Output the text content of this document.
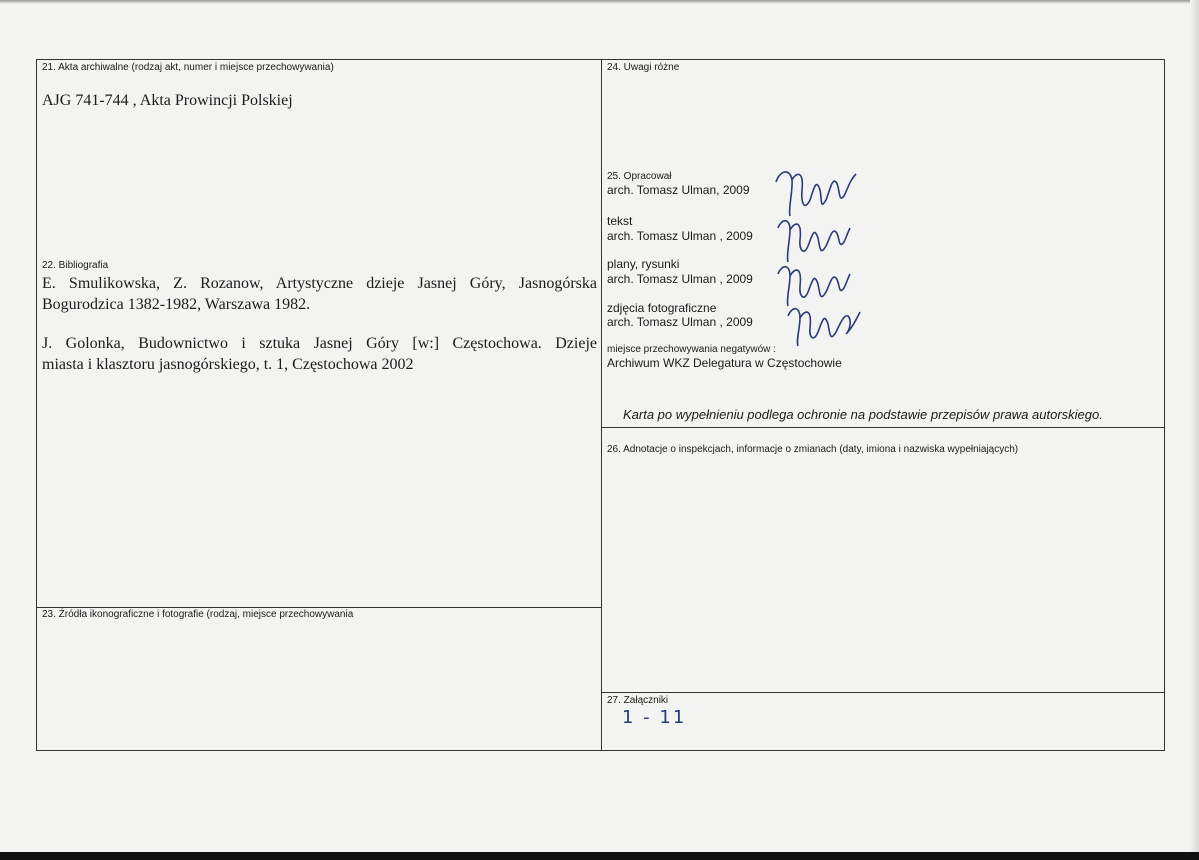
21. Akta archiwalne (rodzaj akt, numer i miejsce przechowywania)
AJG 741-744 , Akta Prowincji Polskiej
22. Bibliografia
E. Smulikowska, Z. Rozanow, Artystyczne dzieje Jasnej Góry, Jasnogórska
Bogurodzica 1382-1982, Warszawa 1982.
J. Golonka, Budownictwo i sztuka Jasnej Góry [w:] Częstochowa. Dzieje
miasta i klasztoru jasnogórskiego, t. 1, Częstochowa 2002
23. Źródła ikonograficzne i fotografie (rodzaj, miejsce przechowywania
24. Uwagi różne
25. Opracował
arch. Tomasz Ulman, 2009
tekst
arch. Tomasz Ulman , 2009
plany, rysunki
arch. Tomasz Ulman , 2009
zdjęcia fotograficzne
arch. Tomasz Ulman , 2009
miejsce przechowywania negatywów :
Archiwum WKZ Delegatura w Częstochowie
Karta po wypełnieniu podlega ochronie na podstawie przepisów prawa autorskiego.
26. Adnotacje o inspekcjach, informacje o zmianach (daty, imiona i nazwiska wypełniających)
27. Załączniki
1 - 11
